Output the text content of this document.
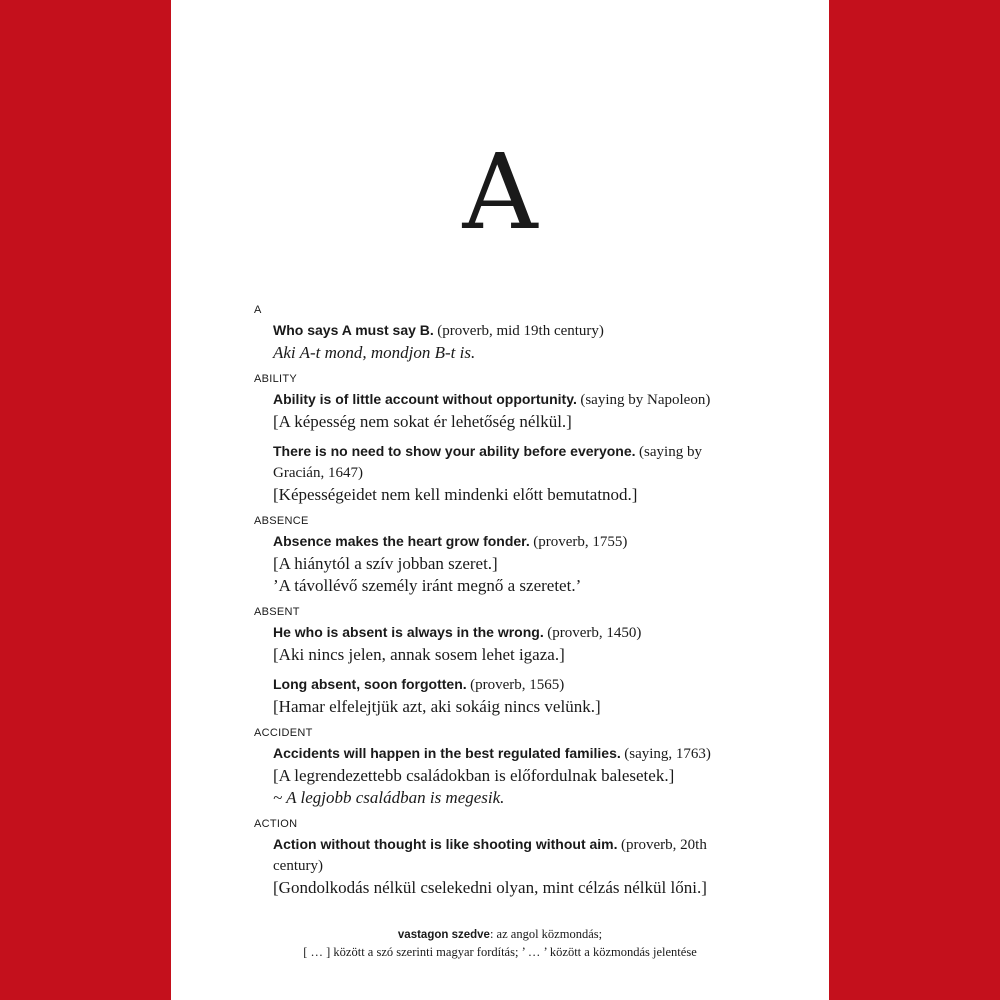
A
A
Who says A must say B. (proverb, mid 19th century)
Aki A-t mond, mondjon B-t is.
ABILITY
Ability is of little account without opportunity. (saying by Napoleon)
[A képesség nem sokat ér lehetőség nélkül.]
There is no need to show your ability before everyone. (saying by Gracián, 1647)
[Képességeidet nem kell mindenki előtt bemutatnod.]
ABSENCE
Absence makes the heart grow fonder. (proverb, 1755)
[A hiánytól a szív jobban szeret.]
’A távollévő személy iránt megnő a szeretet.’
ABSENT
He who is absent is always in the wrong. (proverb, 1450)
[Aki nincs jelen, annak sosem lehet igaza.]
Long absent, soon forgotten. (proverb, 1565)
[Hamar elfelejtjük azt, aki sokáig nincs velünk.]
ACCIDENT
Accidents will happen in the best regulated families. (saying, 1763)
[A legrendezettebb családokban is előfordulnak balesetek.]
~ A legjobb családban is megesik.
ACTION
Action without thought is like shooting without aim. (proverb, 20th century)
[Gondolkodás nélkül cselekedni olyan, mint célzás nélkül lőni.]
vastagon szedve: az angol közmondás;
[ … ] között a szó szerinti magyar fordítás; ’ … ’ között a közmondás jelentése
